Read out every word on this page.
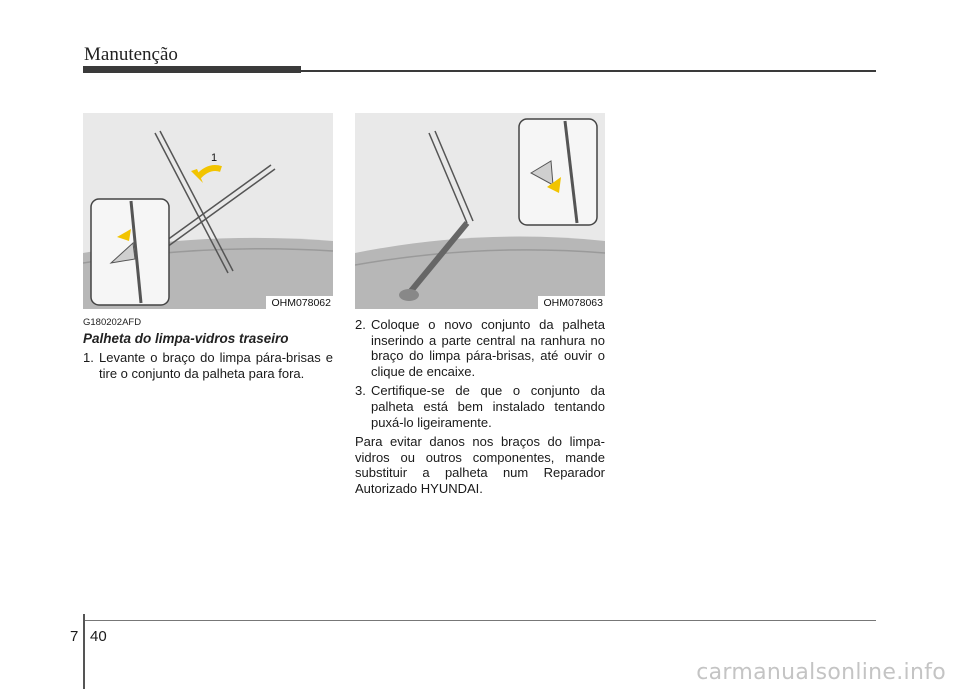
Manutenção
1
OHM078062	OHM078063
G180202AFD
Palheta do limpa-vidros traseiro
1. Levante o braço do limpa pára-brisas e tire o conjunto da palheta para fora.
2. Coloque o novo conjunto da palheta inserindo a parte central na ranhura no braço do limpa pára-brisas, até ouvir o clique de encaixe.
3. Certifique-se de que o conjunto da palheta está bem instalado tentando puxá-lo ligeiramente.
Para evitar danos nos braços do limpa-vidros ou outros componentes, mande substituir a palheta num Reparador Autorizado HYUNDAI.
7 40
carmanualsonline.info
